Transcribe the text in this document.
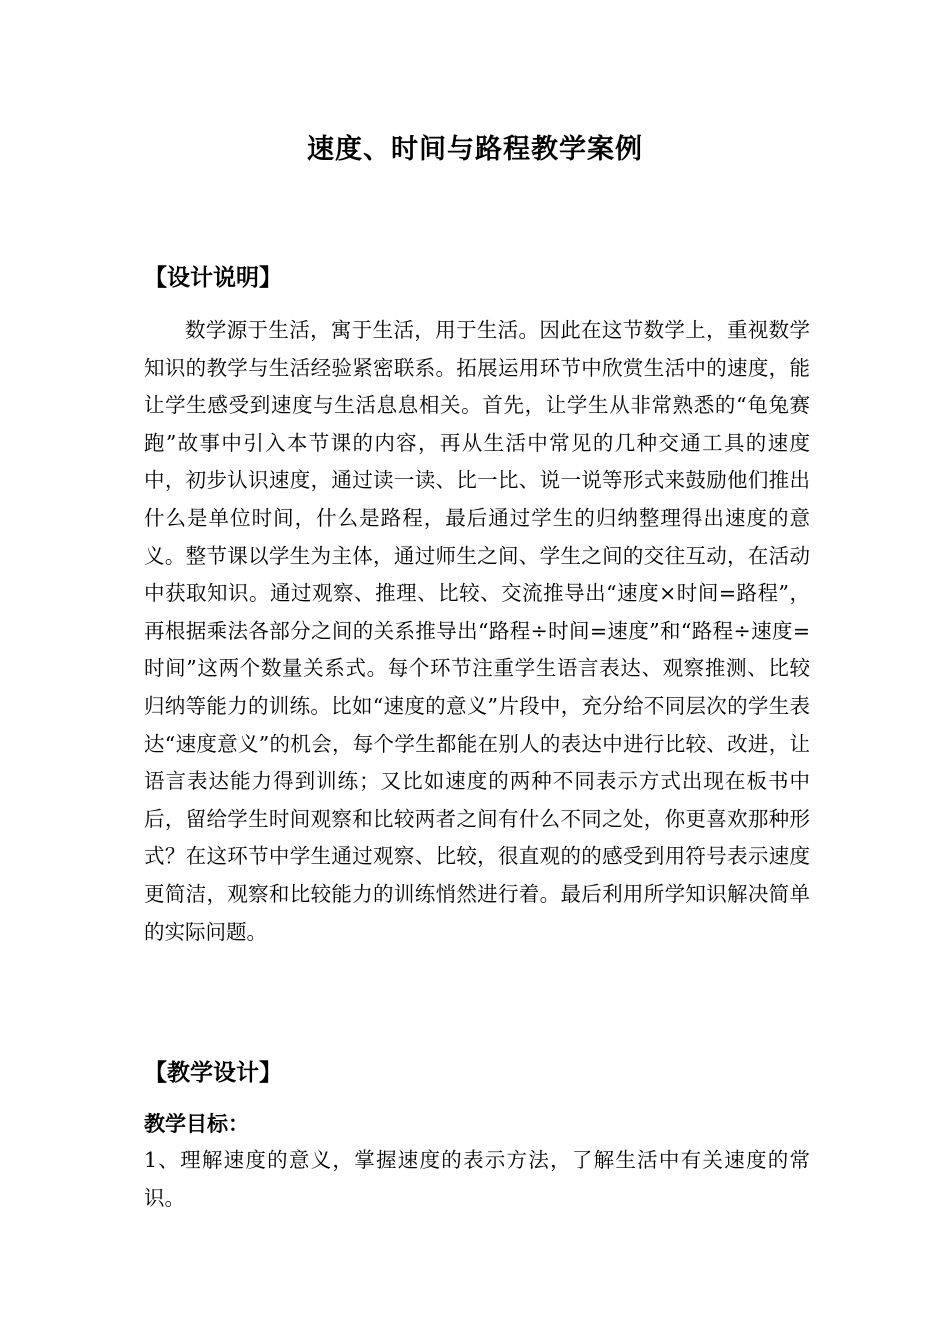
速度、时间与路程教学案例
【设计说明】

数学源于生活，寓于生活，用于生活。因此在这节数学上，重视数学知识的教学与生活经验紧密联系。拓展运用环节中欣赏生活中的速度，能让学生感受到速度与生活息息相关。首先，让学生从非常熟悉的“龟兔赛跑”故事中引入本节课的内容，再从生活中常见的几种交通工具的速度中，初步认识速度，通过读一读、比一比、说一说等形式来鼓励他们推出什么是单位时间，什么是路程，最后通过学生的归纳整理得出速度的意义。整节课以学生为主体，通过师生之间、学生之间的交往互动，在活动中获取知识。通过观察、推理、比较、交流推导出“速度×时间=路程”，再根据乘法各部分之间的关系推导出“路程÷时间=速度”和“路程÷速度=时间”这两个数量关系式。每个环节注重学生语言表达、观察推测、比较归纳等能力的训练。比如“速度的意义”片段中，充分给不同层次的学生表达“速度意义”的机会，每个学生都能在别人的表达中进行比较、改进，让语言表达能力得到训练；又比如速度的两种不同表示方式出现在板书中后，留给学生时间观察和比较两者之间有什么不同之处，你更喜欢那种形式？在这环节中学生通过观察、比较，很直观的的感受到用符号表示速度更简洁，观察和比较能力的训练悄然进行着。最后利用所学知识解决简单的实际问题。

【教学设计】
教学目标：

1、理解速度的意义，掌握速度的表示方法，了解生活中有关速度的常识。
